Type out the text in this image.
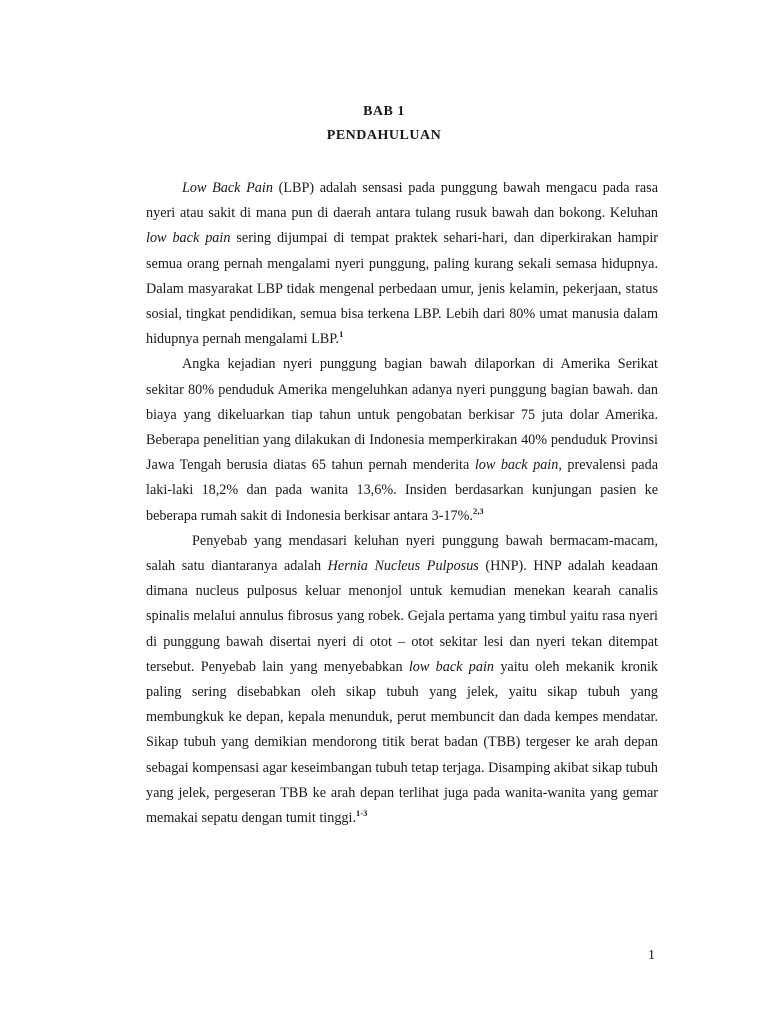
BAB 1
PENDAHULUAN

Low Back Pain (LBP) adalah sensasi pada punggung bawah mengacu pada rasa nyeri atau sakit di mana pun di daerah antara tulang rusuk bawah dan bokong. Keluhan low back pain sering dijumpai di tempat praktek sehari-hari, dan diperkirakan hampir semua orang pernah mengalami nyeri punggung, paling kurang sekali semasa hidupnya. Dalam masyarakat LBP tidak mengenal perbedaan umur, jenis kelamin, pekerjaan, status sosial, tingkat pendidikan, semua bisa terkena LBP. Lebih dari 80% umat manusia dalam hidupnya pernah mengalami LBP.$^1$

Angka kejadian nyeri punggung bagian bawah dilaporkan di Amerika Serikat sekitar 80% penduduk Amerika mengeluhkan adanya nyeri punggung bagian bawah. dan biaya yang dikeluarkan tiap tahun untuk pengobatan berkisar 75 juta dolar Amerika. Beberapa penelitian yang dilakukan di Indonesia memperkirakan 40% penduduk Provinsi Jawa Tengah berusia diatas 65 tahun pernah menderita low back pain, prevalensi pada laki-laki 18,2% dan pada wanita 13,6%. Insiden berdasarkan kunjungan pasien ke beberapa rumah sakit di Indonesia berkisar antara 3-17%.$^{2,3}$

Penyebab yang mendasari keluhan nyeri punggung bawah bermacam-macam, salah satu diantaranya adalah Hernia Nucleus Pulposus (HNP). HNP adalah keadaan dimana nucleus pulposus keluar menonjol untuk kemudian menekan kearah canalis spinalis melalui annulus fibrosus yang robek. Gejala pertama yang timbul yaitu rasa nyeri di punggung bawah disertai nyeri di otot – otot sekitar lesi dan nyeri tekan ditempat tersebut. Penyebab lain yang menyebabkan low back pain yaitu oleh mekanik kronik paling sering disebabkan oleh sikap tubuh yang jelek, yaitu sikap tubuh yang membungkuk ke depan, kepala menunduk, perut membuncit dan dada kempes mendatar. Sikap tubuh yang demikian mendorong titik berat badan (TBB) tergeser ke arah depan sebagai kompensasi agar keseimbangan tubuh tetap terjaga. Disamping akibat sikap tubuh yang jelek, pergeseran TBB ke arah depan terlihat juga pada wanita-wanita yang gemar memakai sepatu dengan tumit tinggi.$^{1-3}$

1
